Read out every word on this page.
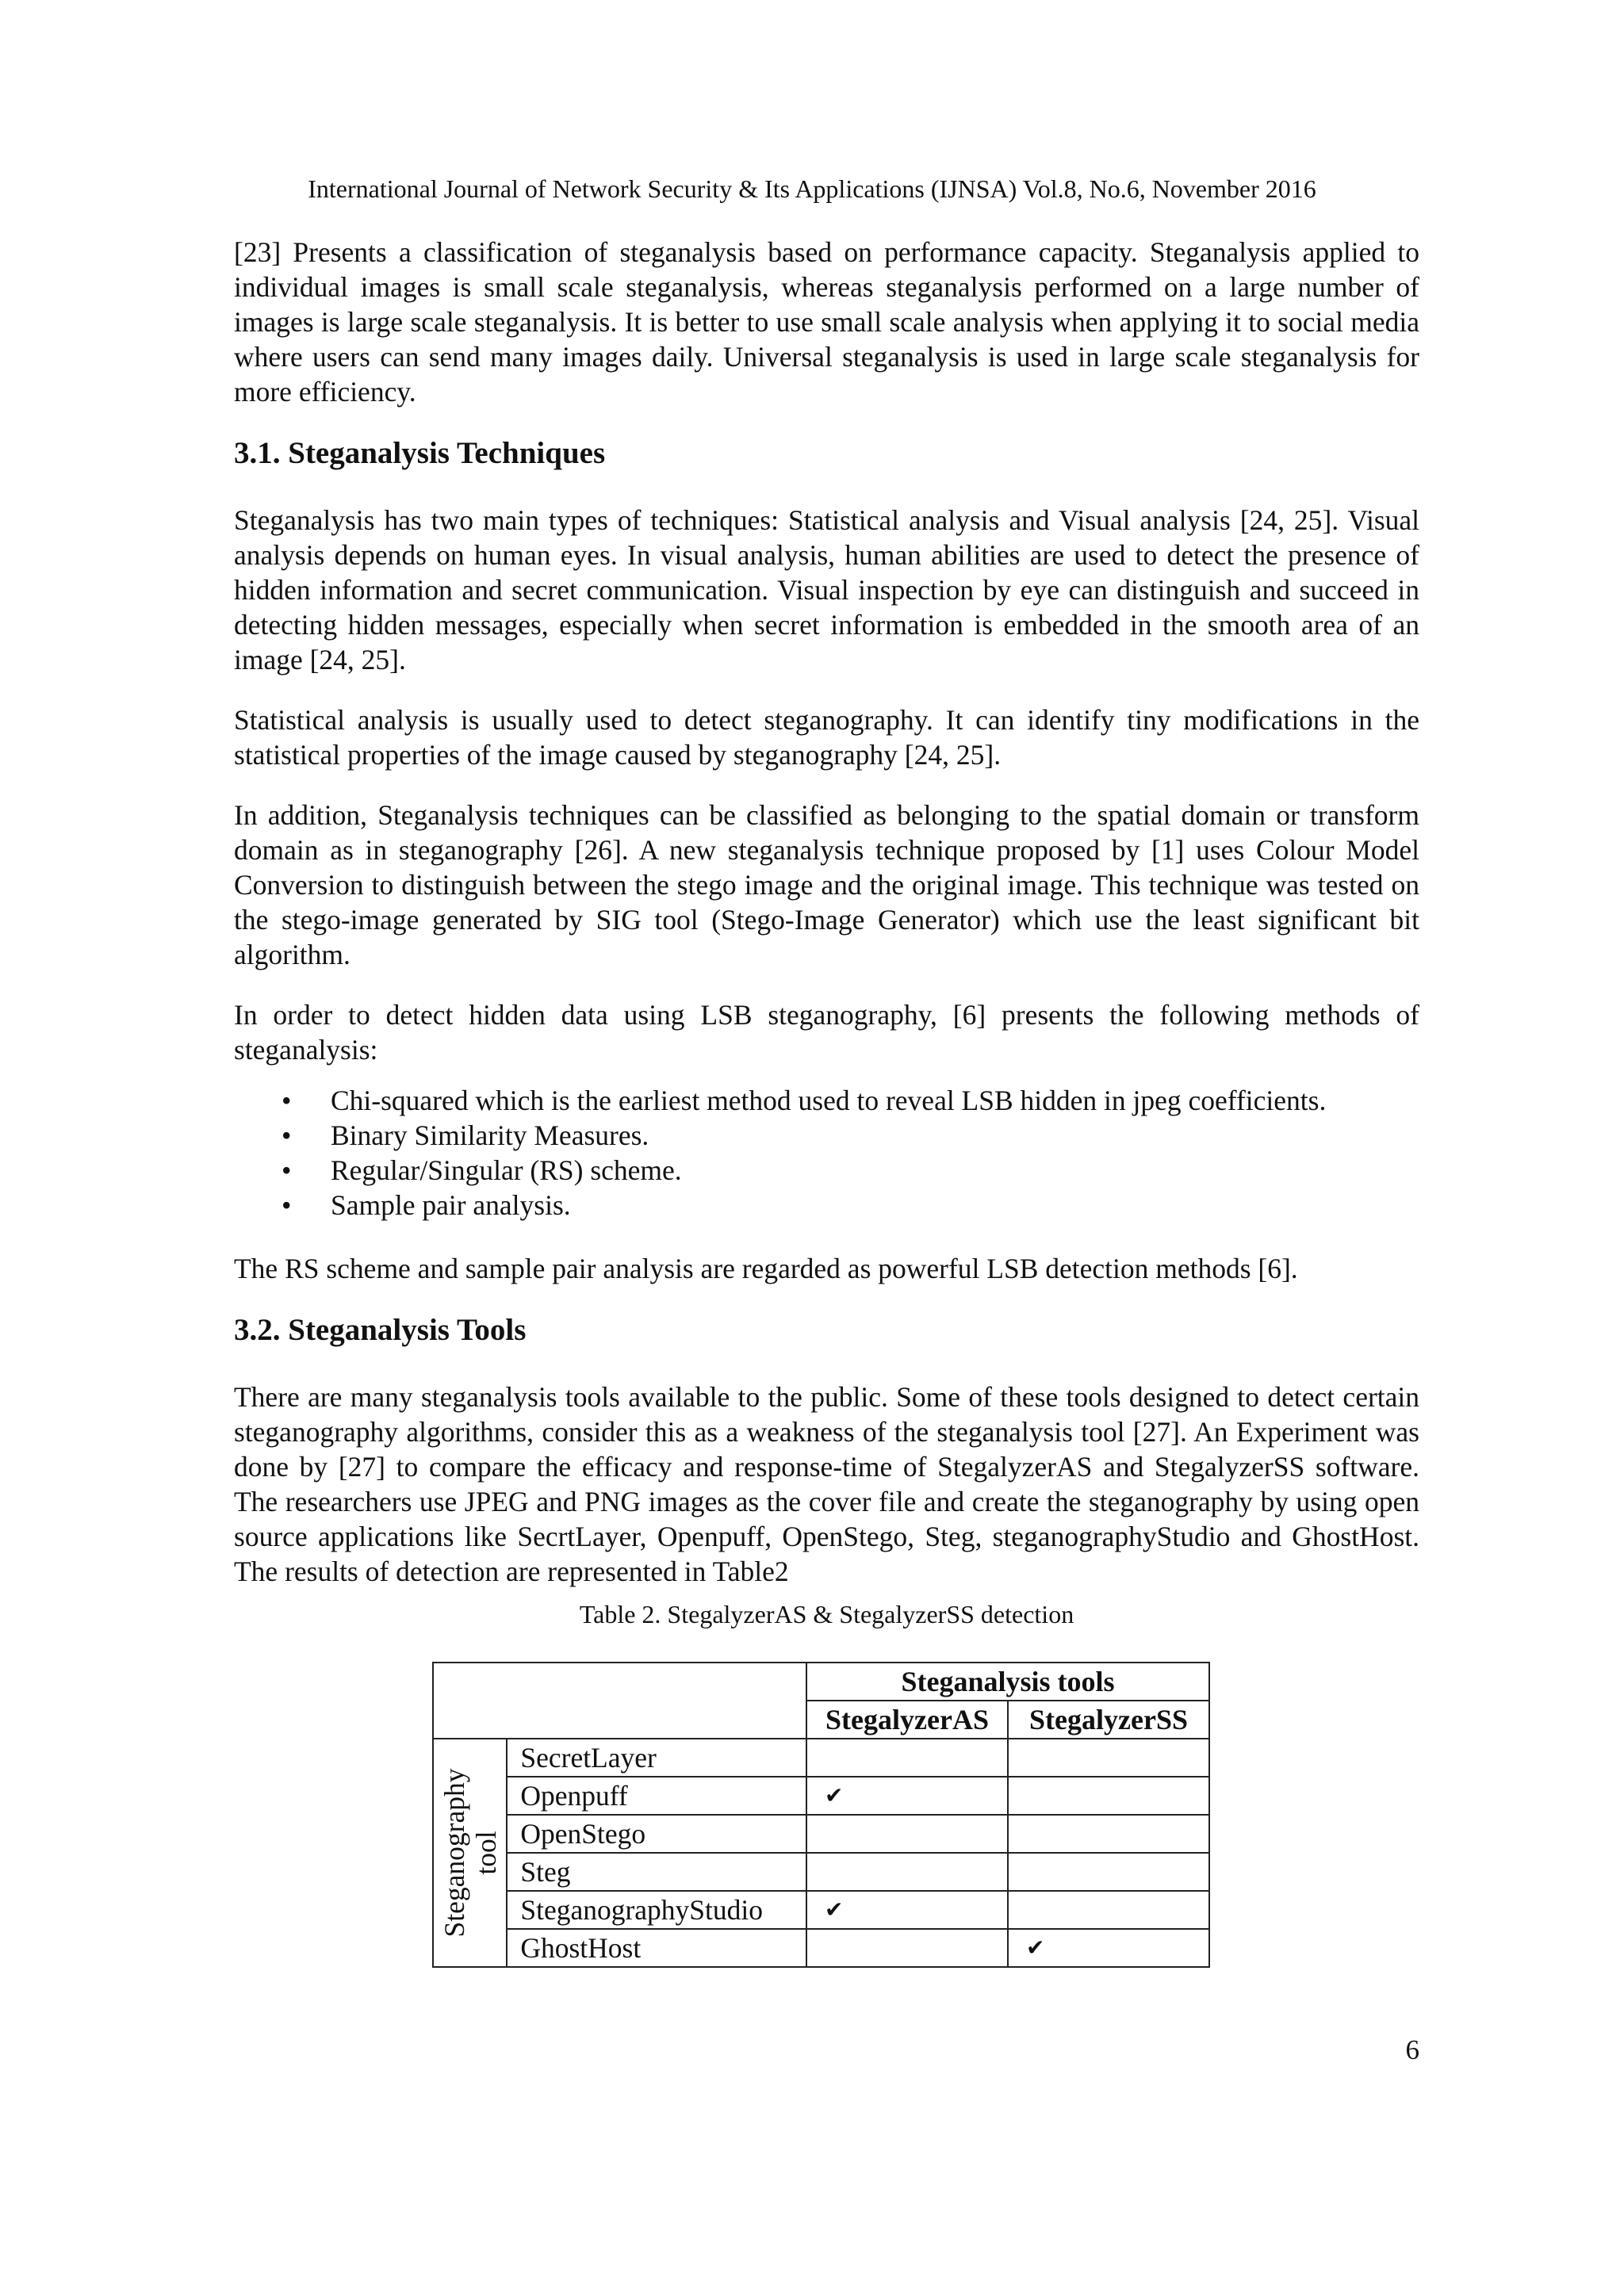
International Journal of Network Security & Its Applications (IJNSA) Vol.8, No.6, November 2016

[23] Presents a classification of steganalysis based on performance capacity. Steganalysis applied to individual images is small scale steganalysis, whereas steganalysis performed on a large number of images is large scale steganalysis. It is better to use small scale analysis when applying it to social media where users can send many images daily. Universal steganalysis is used in large scale steganalysis for more efficiency.

3.1. Steganalysis Techniques

Steganalysis has two main types of techniques: Statistical analysis and Visual analysis [24, 25]. Visual analysis depends on human eyes. In visual analysis, human abilities are used to detect the presence of hidden information and secret communication. Visual inspection by eye can distinguish and succeed in detecting hidden messages, especially when secret information is embedded in the smooth area of an image [24, 25].

Statistical analysis is usually used to detect steganography. It can identify tiny modifications in the statistical properties of the image caused by steganography [24, 25].

In addition, Steganalysis techniques can be classified as belonging to the spatial domain or transform domain as in steganography [26]. A new steganalysis technique proposed by [1] uses Colour Model Conversion to distinguish between the stego image and the original image. This technique was tested on the stego-image generated by SIG tool (Stego-Image Generator) which use the least significant bit algorithm.

In order to detect hidden data using LSB steganography, [6] presents the following methods of steganalysis:

• Chi-squared which is the earliest method used to reveal LSB hidden in jpeg coefficients.
• Binary Similarity Measures.
• Regular/Singular (RS) scheme.
• Sample pair analysis.

The RS scheme and sample pair analysis are regarded as powerful LSB detection methods [6].

3.2. Steganalysis Tools

There are many steganalysis tools available to the public. Some of these tools designed to detect certain steganography algorithms, consider this as a weakness of the steganalysis tool [27]. An Experiment was done by [27] to compare the efficacy and response-time of StegalyzerAS and StegalyzerSS software. The researchers use JPEG and PNG images as the cover file and create the steganography by using open source applications like SecrtLayer, Openpuff, OpenStego, Steg, steganographyStudio and GhostHost. The results of detection are represented in Table2

Table 2. StegalyzerAS & StegalyzerSS detection
		Steganalysis tools	
		StegalyzerAS	StegalyzerSS

Steganography tool	SecretLayer		
	Openpuff	✔	
	OpenStego		
	Steg		
	SteganographyStudio	✔	
	GhostHost		✔
6
